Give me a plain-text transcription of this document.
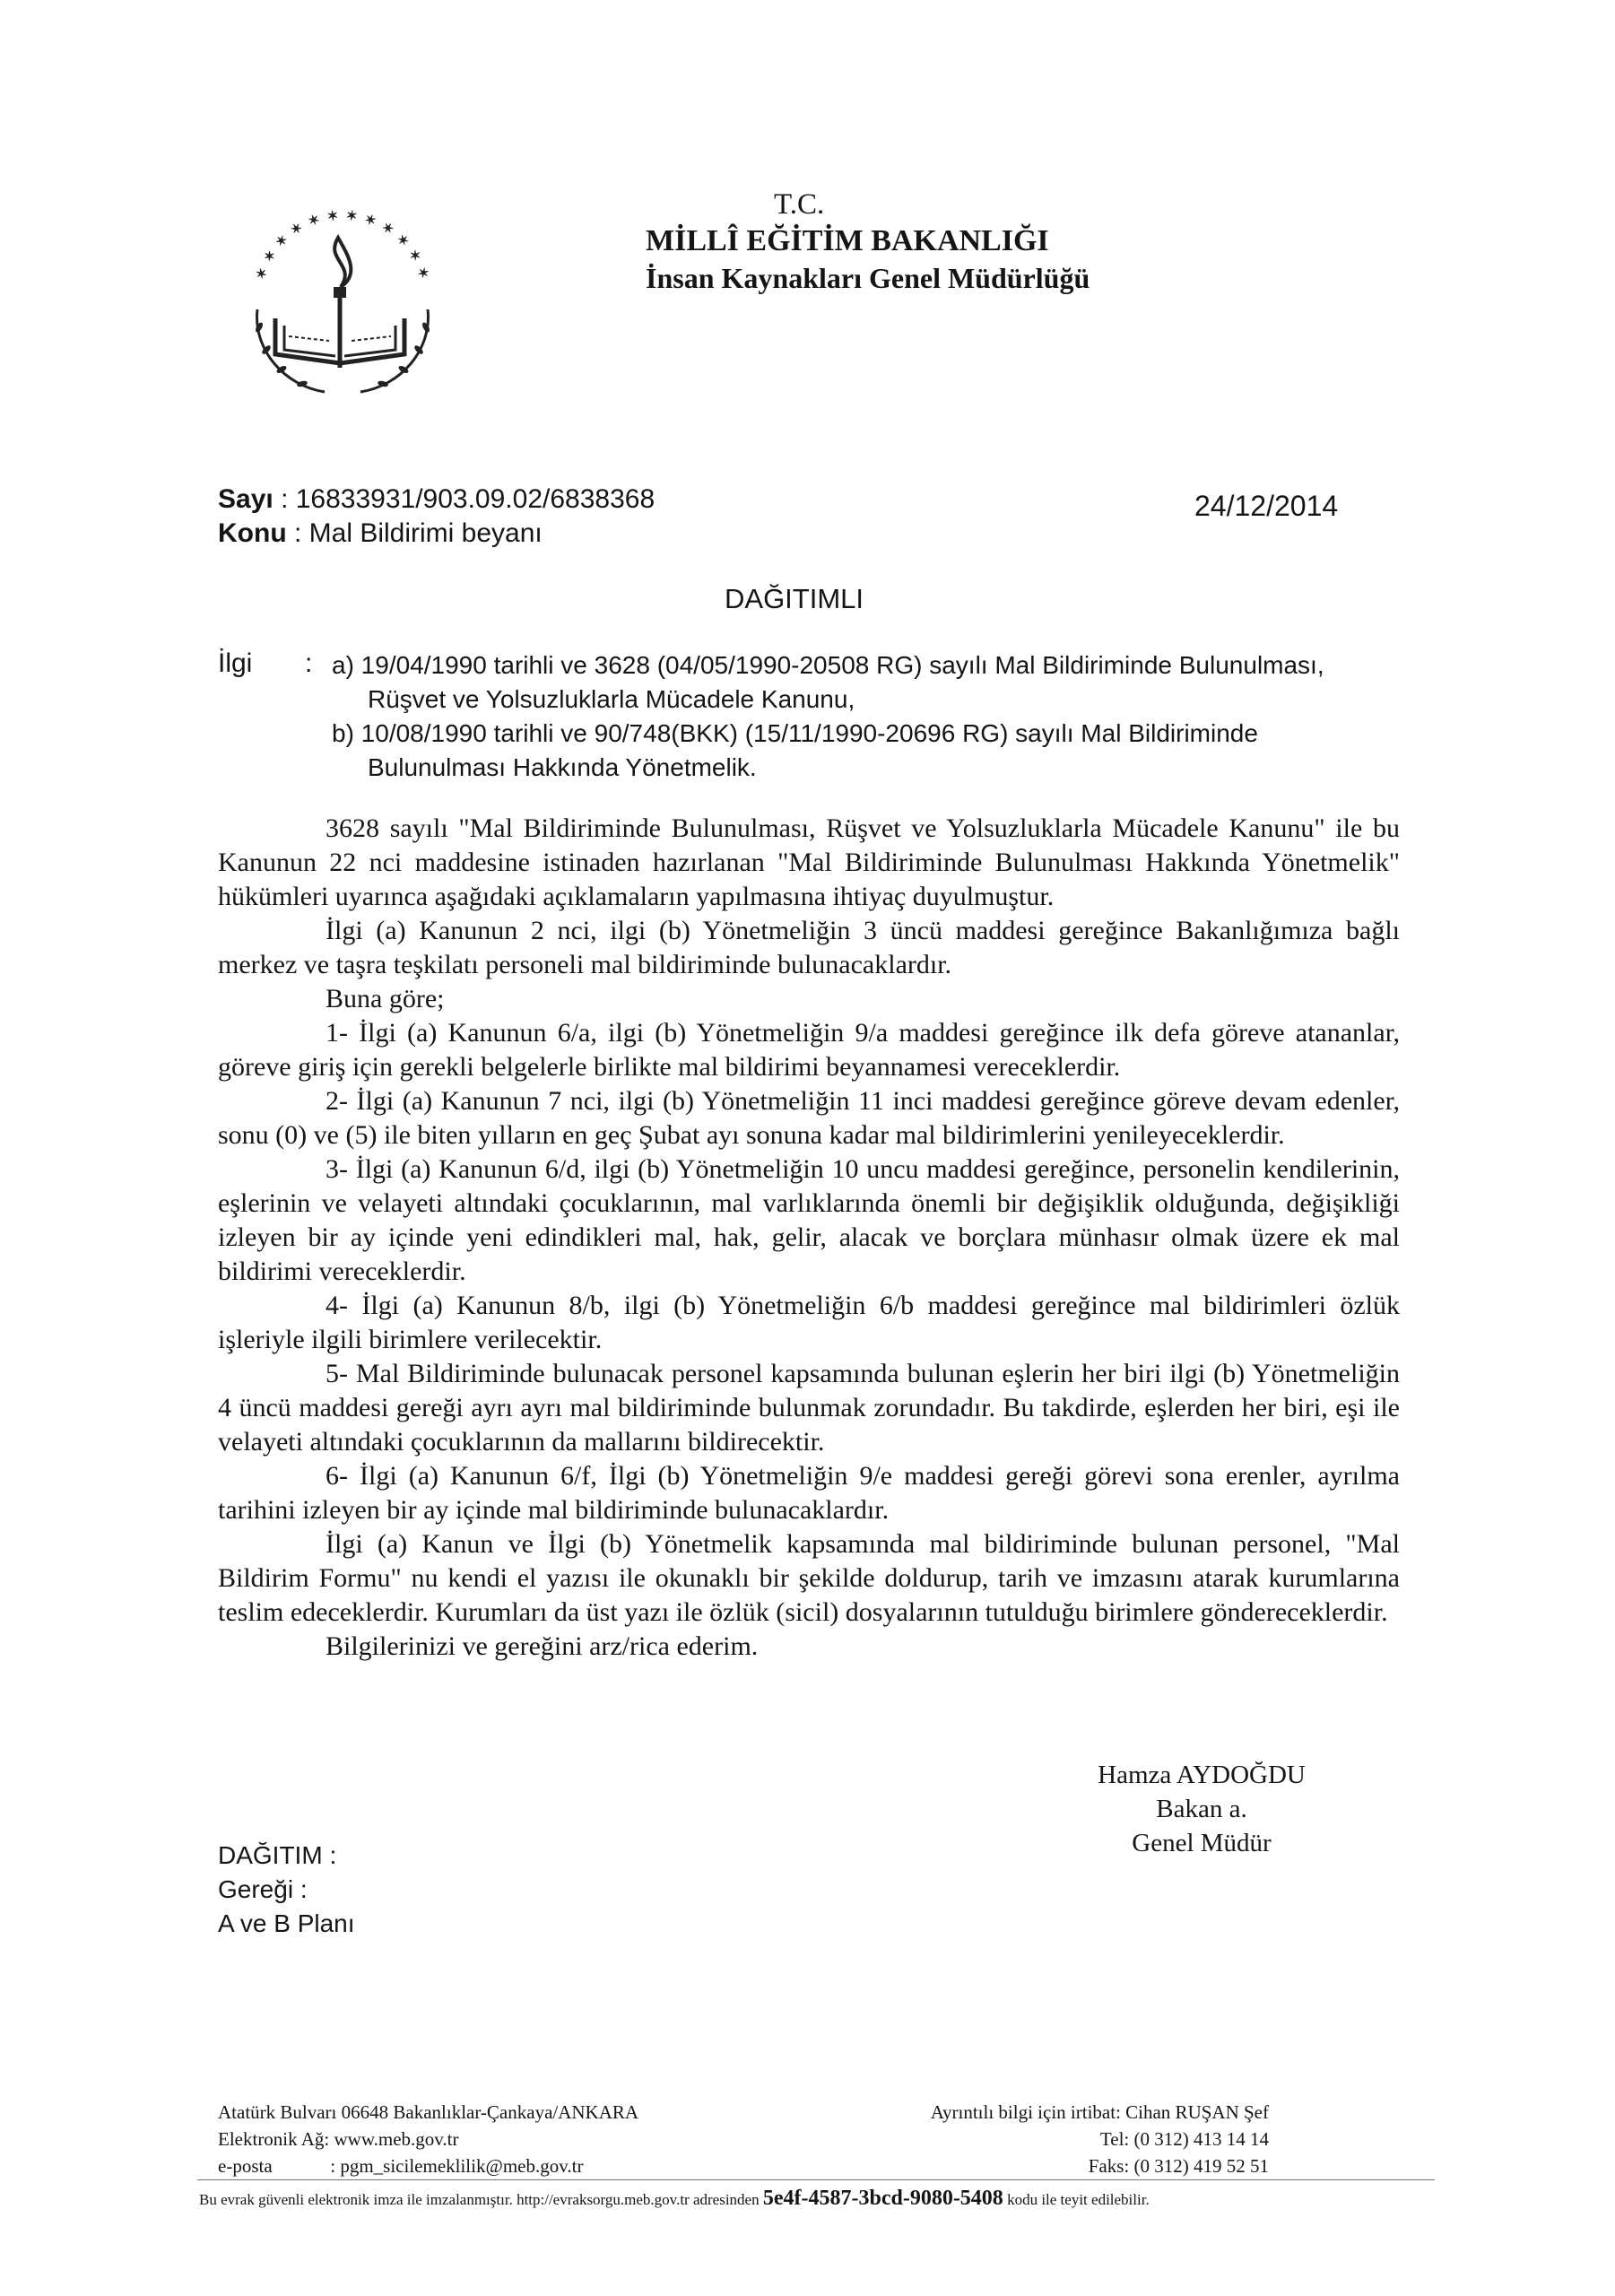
✶ ✶ ✶ ✶ ✶ ✶ ✶ ✶ ✶ ✶ ✶ ✶
T.C.
MİLLÎ EĞİTİM BAKANLIĞI
İnsan Kaynakları Genel Müdürlüğü
Sayı : 16833931/903.09.02/6838368
Konu : Mal Bildirimi beyanı
24/12/2014
DAĞITIMLI
İlgi : a) 19/04/1990 tarihli ve 3628 (04/05/1990-20508 RG) sayılı Mal Bildiriminde Bulunulması,
Rüşvet ve Yolsuzluklarla Mücadele Kanunu,
b) 10/08/1990 tarihli ve 90/748(BKK) (15/11/1990-20696 RG) sayılı Mal Bildiriminde
Bulunulması Hakkında Yönetmelik.
3628 sayılı "Mal Bildiriminde Bulunulması, Rüşvet ve Yolsuzluklarla Mücadele Kanunu" ile bu Kanunun 22 nci maddesine istinaden hazırlanan "Mal Bildiriminde Bulunulması Hakkında Yönetmelik" hükümleri uyarınca aşağıdaki açıklamaların yapılmasına ihtiyaç duyulmuştur.
İlgi (a) Kanunun 2 nci, ilgi (b) Yönetmeliğin 3 üncü maddesi gereğince Bakanlığımıza bağlı merkez ve taşra teşkilatı personeli mal bildiriminde bulunacaklardır.
Buna göre;
1- İlgi (a) Kanunun 6/a, ilgi (b) Yönetmeliğin 9/a maddesi gereğince ilk defa göreve atananlar, göreve giriş için gerekli belgelerle birlikte mal bildirimi beyannamesi vereceklerdir.
2- İlgi (a) Kanunun 7 nci, ilgi (b) Yönetmeliğin 11 inci maddesi gereğince göreve devam edenler, sonu (0) ve (5) ile biten yılların en geç Şubat ayı sonuna kadar mal bildirimlerini yenileyeceklerdir.
3- İlgi (a) Kanunun 6/d, ilgi (b) Yönetmeliğin 10 uncu maddesi gereğince, personelin kendilerinin, eşlerinin ve velayeti altındaki çocuklarının, mal varlıklarında önemli bir değişiklik olduğunda, değişikliği izleyen bir ay içinde yeni edindikleri mal, hak, gelir, alacak ve borçlara münhasır olmak üzere ek mal bildirimi vereceklerdir.
4- İlgi (a) Kanunun 8/b, ilgi (b) Yönetmeliğin 6/b maddesi gereğince mal bildirimleri özlük işleriyle ilgili birimlere verilecektir.
5- Mal Bildiriminde bulunacak personel kapsamında bulunan eşlerin her biri ilgi (b) Yönetmeliğin 4 üncü maddesi gereği ayrı ayrı mal bildiriminde bulunmak zorundadır. Bu takdirde, eşlerden her biri, eşi ile velayeti altındaki çocuklarının da mallarını bildirecektir.
6- İlgi (a) Kanunun 6/f, İlgi (b) Yönetmeliğin 9/e maddesi gereği görevi sona erenler, ayrılma tarihini izleyen bir ay içinde mal bildiriminde bulunacaklardır.
İlgi (a) Kanun ve İlgi (b) Yönetmelik kapsamında mal bildiriminde bulunan personel, "Mal Bildirim Formu" nu kendi el yazısı ile okunaklı bir şekilde doldurup, tarih ve imzasını atarak kurumlarına teslim edeceklerdir. Kurumları da üst yazı ile özlük (sicil) dosyalarının tutulduğu birimlere göndereceklerdir.
Bilgilerinizi ve gereğini arz/rica ederim.
Hamza AYDOĞDU
Bakan a.
Genel Müdür
DAĞITIM :
Gereği :
A ve B Planı
Atatürk Bulvarı 06648 Bakanlıklar-Çankaya/ANKARA
Elektronik Ağ: www.meb.gov.tr
e-posta	: pgm_sicilemeklilik@meb.gov.tr
Ayrıntılı bilgi için irtibat: Cihan RUŞAN Şef
Tel: (0 312) 413 14 14
Faks: (0 312) 419 52 51
Bu evrak güvenli elektronik imza ile imzalanmıştır. http://evraksorgu.meb.gov.tr adresinden 5e4f-4587-3bcd-9080-5408 kodu ile teyit edilebilir.
